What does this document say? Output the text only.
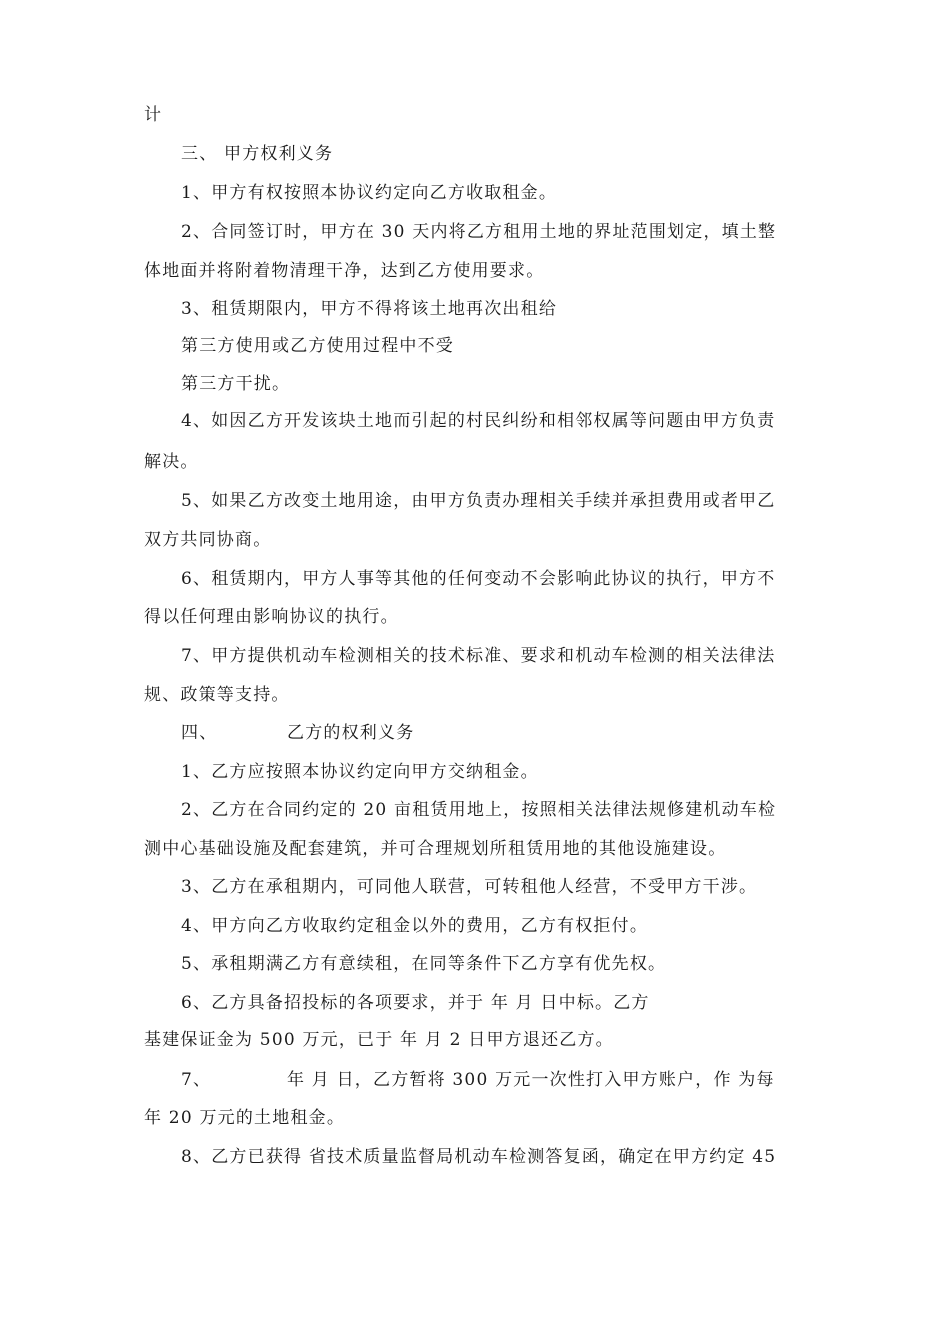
计
三、 甲方权利义务
1、甲方有权按照本协议约定向乙方收取租金。
2、合同签订时，甲方在 30 天内将乙方租用土地的界址范围划定，填土整
体地面并将附着物清理干净，达到乙方使用要求。
3、租赁期限内，甲方不得将该土地再次出租给
第三方使用或乙方使用过程中不受
第三方干扰。
4、如因乙方开发该块土地而引起的村民纠纷和相邻权属等问题由甲方负责
解决。
5、如果乙方改变土地用途，由甲方负责办理相关手续并承担费用或者甲乙
双方共同协商。
6、租赁期内，甲方人事等其他的任何变动不会影响此协议的执行，甲方不
得以任何理由影响协议的执行。
7、甲方提供机动车检测相关的技术标准、要求和机动车检测的相关法律法
规、政策等支持。
四、	乙方的权利义务
1、乙方应按照本协议约定向甲方交纳租金。
2、乙方在合同约定的 20 亩租赁用地上，按照相关法律法规修建机动车检
测中心基础设施及配套建筑，并可合理规划所租赁用地的其他设施建设。
3、乙方在承租期内，可同他人联营，可转租他人经营，不受甲方干涉。
4、甲方向乙方收取约定租金以外的费用，乙方有权拒付。
5、承租期满乙方有意续租，在同等条件下乙方享有优先权。
6、乙方具备招投标的各项要求，并于 年 月 日中标。乙方
基建保证金为 500 万元，已于 年 月 2 日甲方退还乙方。
7、	年 月 日，乙方暂将 300 万元一次性打入甲方账户，作 为每
年 20 万元的土地租金。
8、乙方已获得 省技术质量监督局机动车检测答复函，确定在甲方约定 45
